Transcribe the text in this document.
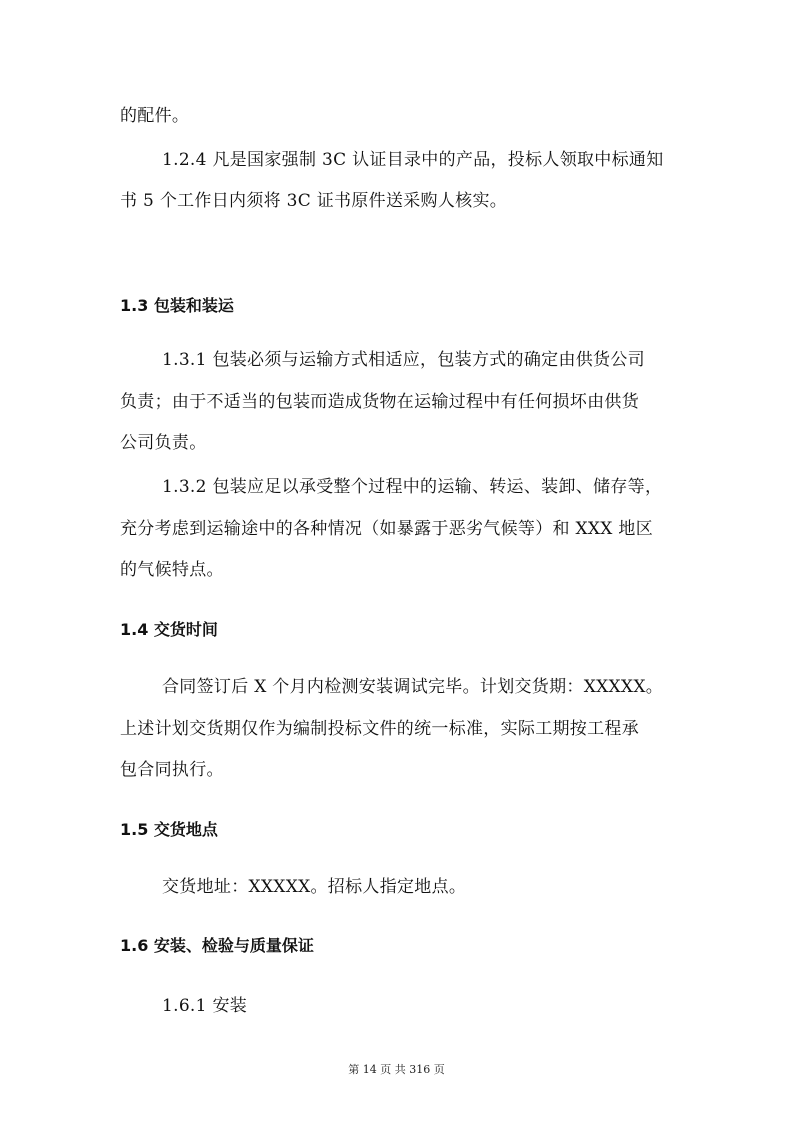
的配件。
1.2.4 凡是国家强制 3C 认证目录中的产品，投标人领取中标通知
书 5 个工作日内须将 3C 证书原件送采购人核实。
1.3 包装和装运
1.3.1 包装必须与运输方式相适应，包装方式的确定由供货公司
负责；由于不适当的包装而造成货物在运输过程中有任何损坏由供货
公司负责。
1.3.2 包装应足以承受整个过程中的运输、转运、装卸、储存等，
充分考虑到运输途中的各种情况（如暴露于恶劣气候等）和 XXX 地区
的气候特点。
1.4 交货时间
合同签订后 X 个月内检测安装调试完毕。计划交货期：XXXXX。
上述计划交货期仅作为编制投标文件的统一标准，实际工期按工程承
包合同执行。
1.5 交货地点
交货地址：XXXXX。招标人指定地点。
1.6 安装、检验与质量保证
1.6.1 安装
第 14 页 共 316 页
